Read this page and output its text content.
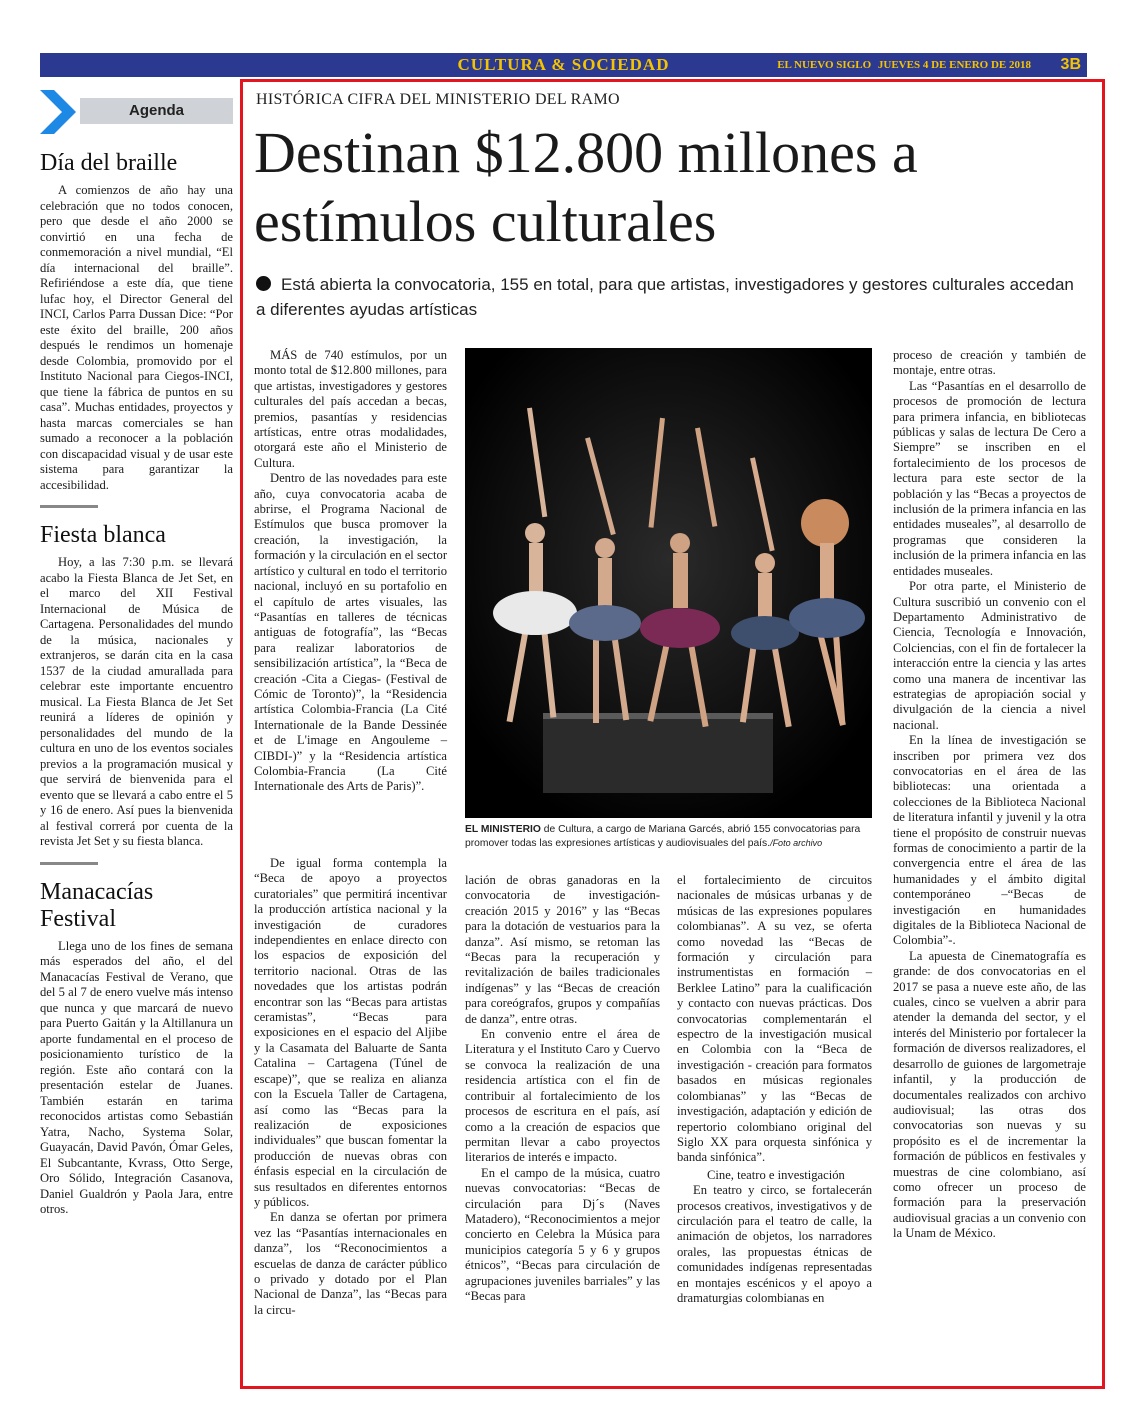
CULTURA & SOCIEDAD	EL NUEVO SIGLO JUEVES 4 DE ENERO DE 2018 3B
Agenda
Día del braille

A comienzos de año hay una celebración que no todos conocen, pero que desde el año 2000 se convirtió en una fecha de conmemoración a nivel mundial, “El día internacional del braille”. Refiriéndose a este día, que tiene lufac hoy, el Director General del INCI, Carlos Parra Dussan Dice: “Por este éxito del braille, 200 años después le rendimos un homenaje desde Colombia, promovido por el Instituto Nacional para Ciegos-INCI, que tiene la fábrica de puntos en su casa”. Muchas entidades, proyectos y hasta marcas comerciales se han sumado a reconocer a la población con discapacidad visual y de usar este sistema para garantizar la accesibilidad.

Fiesta blanca

Hoy, a las 7:30 p.m. se llevará acabo la Fiesta Blanca de Jet Set, en el marco del XII Festival Internacional de Música de Cartagena. Personalidades del mundo de la música, nacionales y extranjeros, se darán cita en la casa 1537 de la ciudad amurallada para celebrar este importante encuentro musical. La Fiesta Blanca de Jet Set reunirá a líderes de opinión y personalidades del mundo de la cultura en uno de los eventos sociales previos a la programación musical y que servirá de bienvenida para el evento que se llevará a cabo entre el 5 y 16 de enero. Así pues la bienvenida al festival correrá por cuenta de la revista Jet Set y su fiesta blanca.

Manacacías Festival

Llega uno de los fines de semana más esperados del año, el del Manacacías Festival de Verano, que del 5 al 7 de enero vuelve más intenso que nunca y que marcará de nuevo para Puerto Gaitán y la Altillanura un aporte fundamental en el proceso de posicionamiento turístico de la región. Este año contará con la presentación estelar de Juanes. También estarán en tarima reconocidos artistas como Sebastián Yatra, Nacho, Systema Solar, Guayacán, David Pavón, Ómar Geles, El Subcantante, Kvrass, Otto Serge, Oro Sólido, Integración Casanova, Daniel Gualdrón y Paola Jara, entre otros.

HISTÓRICA CIFRA DEL MINISTERIO DEL RAMO
Destinan $12.800 millones a estímulos culturales
Está abierta la convocatoria, 155 en total, para que artistas, investigadores y gestores culturales accedan a diferentes ayudas artísticas

MÁS de 740 estímulos, por un monto total de $12.800 millones, para que artistas, investigadores y gestores culturales del país accedan a becas, premios, pasantías y residencias artísticas, entre otras modalidades, otorgará este año el Ministerio de Cultura.

Dentro de las novedades para este año, cuya convocatoria acaba de abrirse, el Programa Nacional de Estímulos que busca promover la creación, la investigación, la formación y la circulación en el sector artístico y cultural en todo el territorio nacional, incluyó en su portafolio en el capítulo de artes visuales, las “Pasantías en talleres de técnicas antiguas de fotografía”, las “Becas para realizar laboratorios de sensibilización artística”, la “Beca de creación -Cita a Ciegas- (Festival de Cómic de Toronto)”, la “Residencia artística Colombia-Francia (La Cité Internationale de la Bande Dessinée et de L'image en Angouleme – CIBDI-)” y la “Residencia artística Colombia-Francia (La Cité Internationale des Arts de Paris)”.

De igual forma contempla la “Beca de apoyo a proyectos curatoriales” que permitirá incentivar la producción artística nacional y la investigación de curadores independientes en enlace directo con los espacios de exposición del territorio nacional. Otras de las novedades que los artistas podrán encontrar son las “Becas para artistas ceramistas”, “Becas para exposiciones en el espacio del Aljibe y la Casamata del Baluarte de Santa Catalina – Cartagena (Túnel de escape)”, que se realiza en alianza con la Escuela Taller de Cartagena, así como las “Becas para la realización de exposiciones individuales” que buscan fomentar la producción de nuevas obras con énfasis especial en la circulación de sus resultados en diferentes entornos y públicos.

En danza se ofertan por primera vez las “Pasantías internacionales en danza”, los “Reconocimientos a escuelas de danza de carácter público o privado y dotado por el Plan Nacional de Danza”, las “Becas para la circu-

EL MINISTERIO de Cultura, a cargo de Mariana Garcés, abrió 155 convocatorias para promover todas las expresiones artísticas y audiovisuales del país./Foto archivo

lación de obras ganadoras en la convocatoria de investigación-creación 2015 y 2016” y las “Becas para la dotación de vestuarios para la danza”. Así mismo, se retoman las “Becas para la recuperación y revitalización de bailes tradicionales indígenas” y las “Becas de creación para coreógrafos, grupos y compañías de danza”, entre otras.

En convenio entre el área de Literatura y el Instituto Caro y Cuervo se convoca la realización de una residencia artística con el fin de contribuir al fortalecimiento de los procesos de escritura en el país, así como a la creación de espacios que permitan llevar a cabo proyectos literarios de interés e impacto.

En el campo de la música, cuatro nuevas convocatorias: “Becas de circulación para Dj´s (Naves Matadero), “Reconocimientos a mejor concierto en Celebra la Música para municipios categoría 5 y 6 y grupos étnicos”, “Becas para circulación de agrupaciones juveniles barriales” y las “Becas para

el fortalecimiento de circuitos nacionales de músicas urbanas y de músicas de las expresiones populares colombianas”. A su vez, se oferta como novedad las “Becas de formación y circulación para instrumentistas en formación – Berklee Latino” para la cualificación y contacto con nuevas prácticas. Dos convocatorias complementarán el espectro de la investigación musical en Colombia con la “Beca de investigación - creación para formatos basados en músicas regionales colombianas” y las “Becas de investigación, adaptación y edición de repertorio colombiano original del Siglo XX para orquesta sinfónica y banda sinfónica”.

Cine, teatro e investigación

En teatro y circo, se fortalecerán procesos creativos, investigativos y de circulación para el teatro de calle, la animación de objetos, los narradores orales, las propuestas étnicas de comunidades indígenas representadas en montajes escénicos y el apoyo a dramaturgias colombianas en

proceso de creación y también de montaje, entre otras.

Las “Pasantías en el desarrollo de procesos de promoción de lectura para primera infancia, en bibliotecas públicas y salas de lectura De Cero a Siempre” se inscriben en el fortalecimiento de los procesos de lectura para este sector de la población y las “Becas a proyectos de inclusión de la primera infancia en las entidades museales”, al desarrollo de programas que consideren la inclusión de la primera infancia en las entidades museales.

Por otra parte, el Ministerio de Cultura suscribió un convenio con el Departamento Administrativo de Ciencia, Tecnología e Innovación, Colciencias, con el fin de fortalecer la interacción entre la ciencia y las artes como una manera de incentivar las estrategias de apropiación social y divulgación de la ciencia a nivel nacional.

En la línea de investigación se inscriben por primera vez dos convocatorias en el área de las bibliotecas: una orientada a colecciones de la Biblioteca Nacional de literatura infantil y juvenil y la otra tiene el propósito de construir nuevas formas de conocimiento a partir de la convergencia entre el área de las humanidades y el ámbito digital contemporáneo –“Becas de investigación en humanidades digitales de la Biblioteca Nacional de Colombia”-.

La apuesta de Cinematografía es grande: de dos convocatorias en el 2017 se pasa a nueve este año, de las cuales, cinco se vuelven a abrir para atender la demanda del sector, y el interés del Ministerio por fortalecer la formación de diversos realizadores, el desarrollo de guiones de largometraje infantil, y la producción de documentales realizados con archivo audiovisual; las otras dos convocatorias son nuevas y su propósito es el de incrementar la formación de públicos en festivales y muestras de cine colombiano, así como ofrecer un proceso de formación para la preservación audiovisual gracias a un convenio con la Unam de México.
